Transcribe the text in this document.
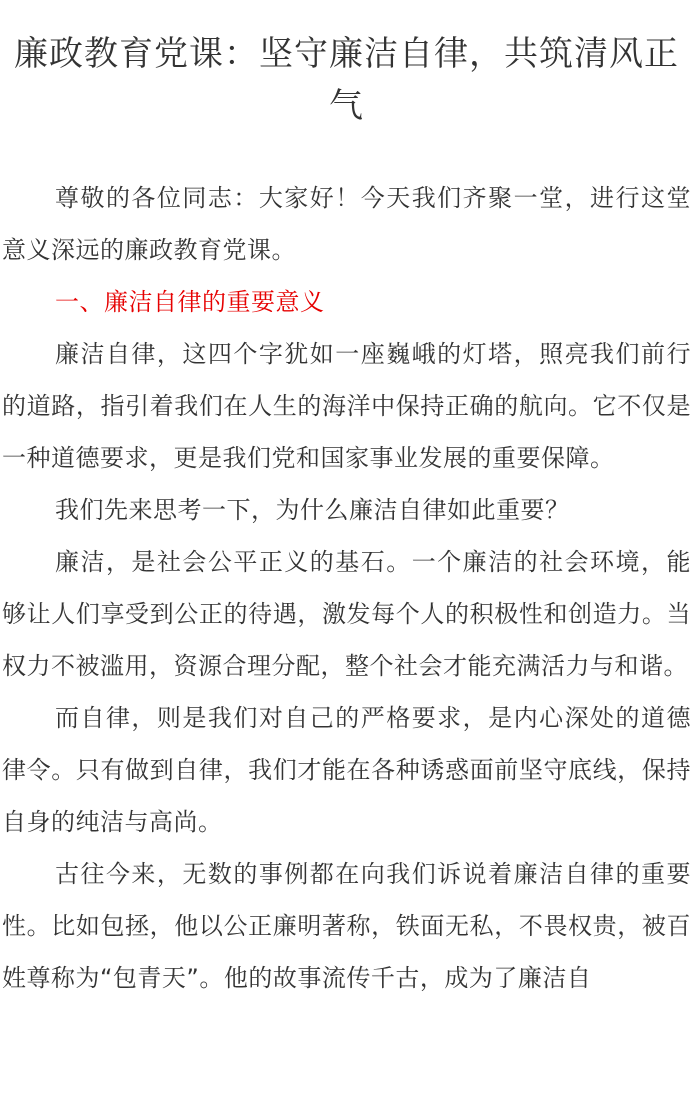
廉政教育党课：坚守廉洁自律，共筑清风正气

尊敬的各位同志：大家好！今天我们齐聚一堂，进行这堂意义深远的廉政教育党课。

一、廉洁自律的重要意义

廉洁自律，这四个字犹如一座巍峨的灯塔，照亮我们前行的道路，指引着我们在人生的海洋中保持正确的航向。它不仅是一种道德要求，更是我们党和国家事业发展的重要保障。

我们先来思考一下，为什么廉洁自律如此重要？

廉洁，是社会公平正义的基石。一个廉洁的社会环境，能够让人们享受到公正的待遇，激发每个人的积极性和创造力。当权力不被滥用，资源合理分配，整个社会才能充满活力与和谐。

而自律，则是我们对自己的严格要求，是内心深处的道德律令。只有做到自律，我们才能在各种诱惑面前坚守底线，保持自身的纯洁与高尚。

古往今来，无数的事例都在向我们诉说着廉洁自律的重要性。比如包拯，他以公正廉明著称，铁面无私，不畏权贵，被百姓尊称为“包青天”。他的故事流传千古，成为了廉洁自
